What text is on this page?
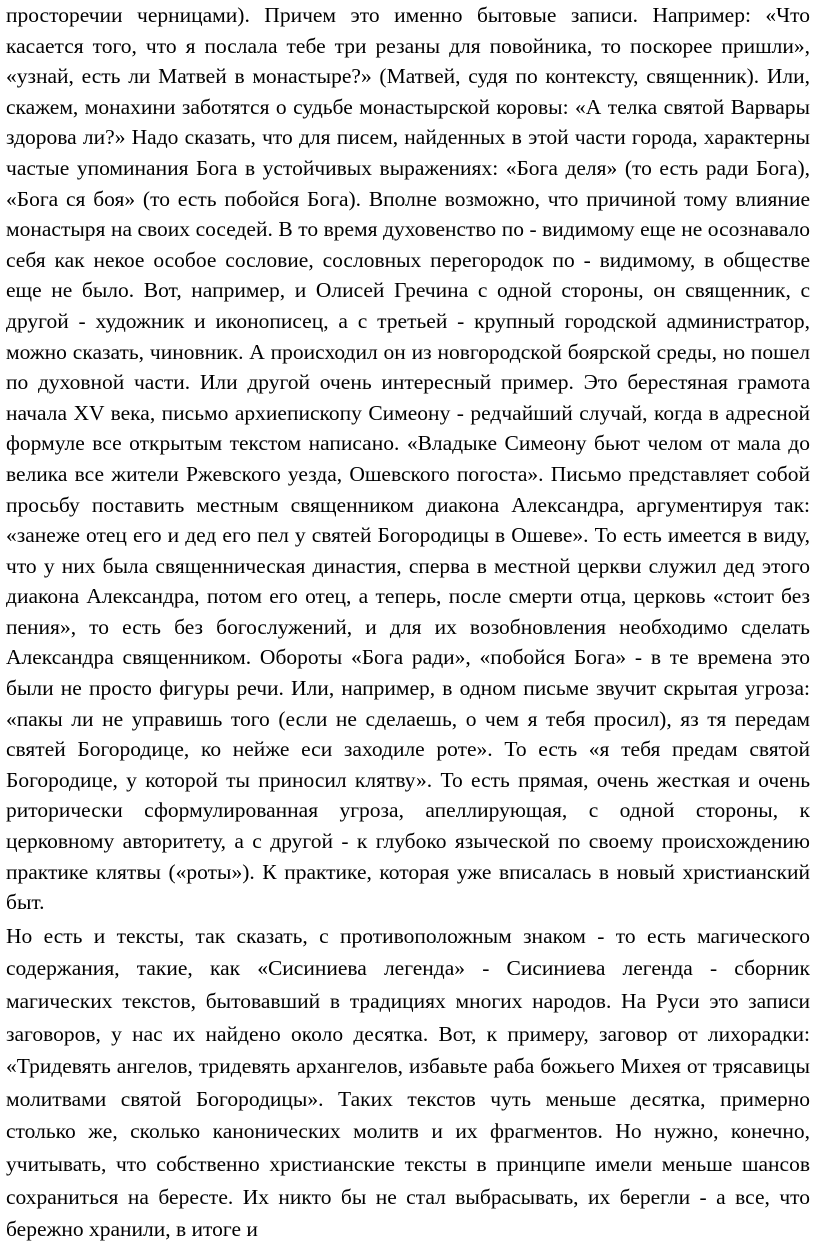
просторечии черницами). Причем это именно бытовые записи. Например: «Что касается того, что я послала тебе три резаны для повойника, то поскорее пришли», «узнай, есть ли Матвей в монастыре?» (Матвей, судя по контексту, священник). Или, скажем, монахини заботятся о судьбе монастырской коровы: «А телка святой Варвары здорова ли?» Надо сказать, что для писем, найденных в этой части города, характерны частые упоминания Бога в устойчивых выражениях: «Бога деля» (то есть ради Бога), «Бога ся боя» (то есть побойся Бога). Вполне возможно, что причиной тому влияние монастыря на своих соседей. В то время духовенство по - видимому еще не осознавало себя как некое особое сословие, сословных перегородок по - видимому, в обществе еще не было. Вот, например, и Олисей Гречина с одной стороны, он священник, с другой - художник и иконописец, а с третьей - крупный городской администратор, можно сказать, чиновник. А происходил он из новгородской боярской среды, но пошел по духовной части. Или другой очень интересный пример. Это берестяная грамота начала XV века, письмо архиепископу Симеону - редчайший случай, когда в адресной формуле все открытым текстом написано. «Владыке Симеону бьют челом от мала до велика все жители Ржевского уезда, Ошевского погоста». Письмо представляет собой просьбу поставить местным священником диакона Александра, аргументируя так: «занеже отец его и дед его пел у святей Богородицы в Ошеве». То есть имеется в виду, что у них была священническая династия, сперва в местной церкви служил дед этого диакона Александра, потом его отец, а теперь, после смерти отца, церковь «стоит без пения», то есть без богослужений, и для их возобновления необходимо сделать Александра священником. Обороты «Бога ради», «побойся Бога» - в те времена это были не просто фигуры речи. Или, например, в одном письме звучит скрытая угроза: «пакы ли не управишь того (если не сделаешь, о чем я тебя просил), яз тя передам святей Богородице, ко нейже еси заходиле роте». То есть «я тебя предам святой Богородице, у которой ты приносил клятву». То есть прямая, очень жесткая и очень риторически сформулированная угроза, апеллирующая, с одной стороны, к церковному авторитету, а с другой - к глубоко языческой по своему происхождению практике клятвы («роты»). К практике, которая уже вписалась в новый христианский быт.

Но есть и тексты, так сказать, с противоположным знаком - то есть магического содержания, такие, как «Сисиниева легенда» - Сисиниева легенда - сборник магических текстов, бытовавший в традициях многих народов. На Руси это записи заговоров, у нас их найдено около десятка. Вот, к примеру, заговор от лихорадки: «Тридевять ангелов, тридевять архангелов, избавьте раба божьего Михея от трясавицы молитвами святой Богородицы». Таких текстов чуть меньше десятка, примерно столько же, сколько канонических молитв и их фрагментов. Но нужно, конечно, учитывать, что собственно христианские тексты в принципе имели меньше шансов сохраниться на бересте. Их никто бы не стал выбрасывать, их берегли - а все, что бережно хранили, в итоге и
